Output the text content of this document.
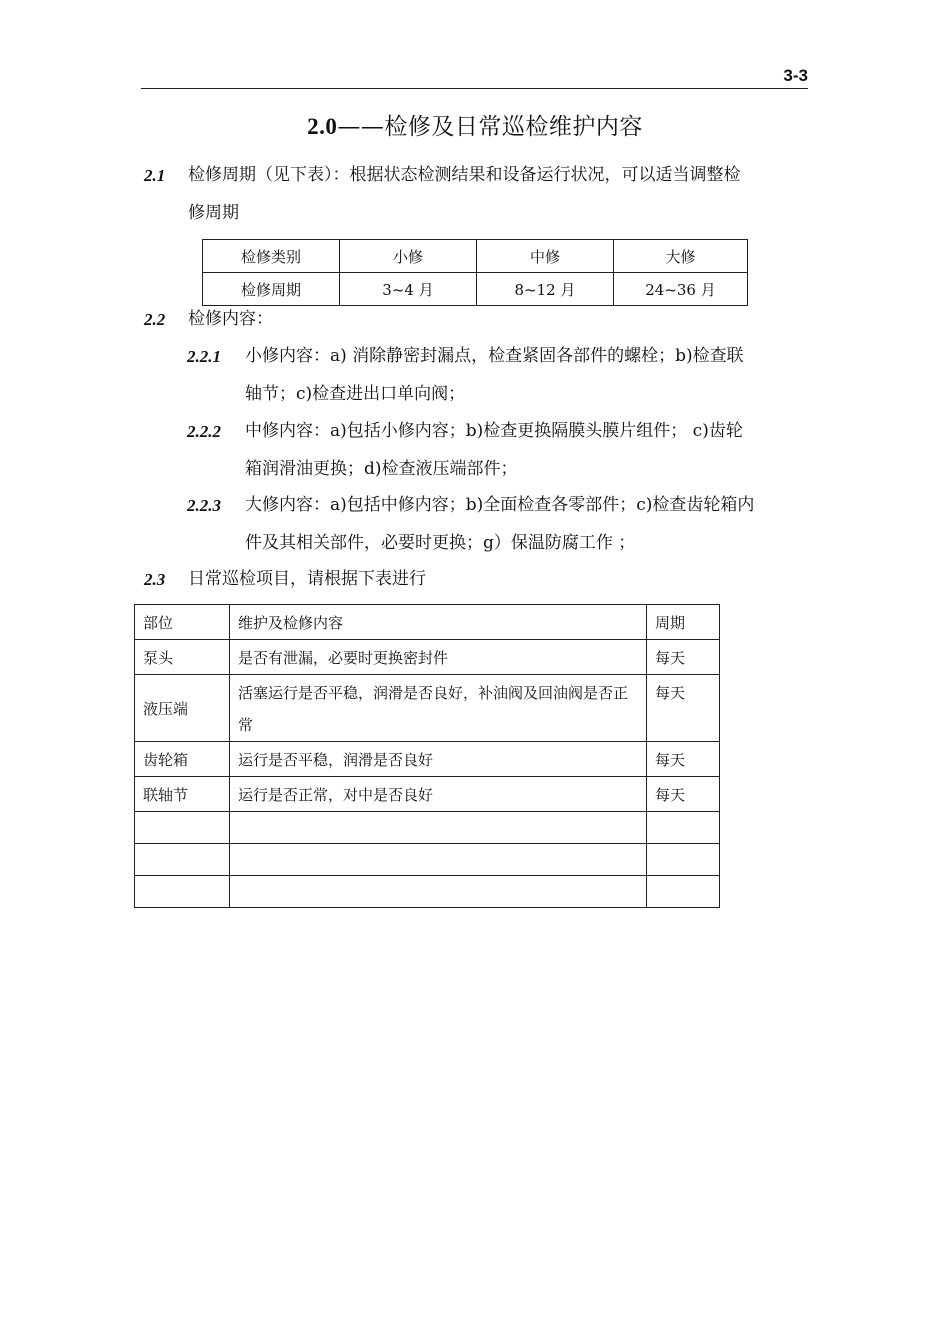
3-3
2.0——检修及日常巡检维护内容
2.1 检修周期（见下表）：根据状态检测结果和设备运行状况，可以适当调整检
修周期
检修类别	小修	中修	大修
检修周期	3~4 月	8~12 月	24~36 月
2.2 检修内容：
2.2.1 小修内容：a) 消除静密封漏点，检查紧固各部件的螺栓；b)检查联
轴节；c)检查进出口单向阀；
2.2.2 中修内容：a)包括小修内容；b)检查更换隔膜头膜片组件； c)齿轮
箱润滑油更换；d)检查液压端部件；
2.2.3 大修内容：a)包括中修内容；b)全面检查各零部件；c)检查齿轮箱内
件及其相关部件，必要时更换；g）保温防腐工作 ；
2.3 日常巡检项目，请根据下表进行
部位	维护及检修内容	周期
泵头	是否有泄漏，必要时更换密封件	每天
液压端	活塞运行是否平稳，润滑是否良好，补油阀及回油阀是否正常	每天
齿轮箱	运行是否平稳，润滑是否良好	每天
联轴节	运行是否正常，对中是否良好	每天
